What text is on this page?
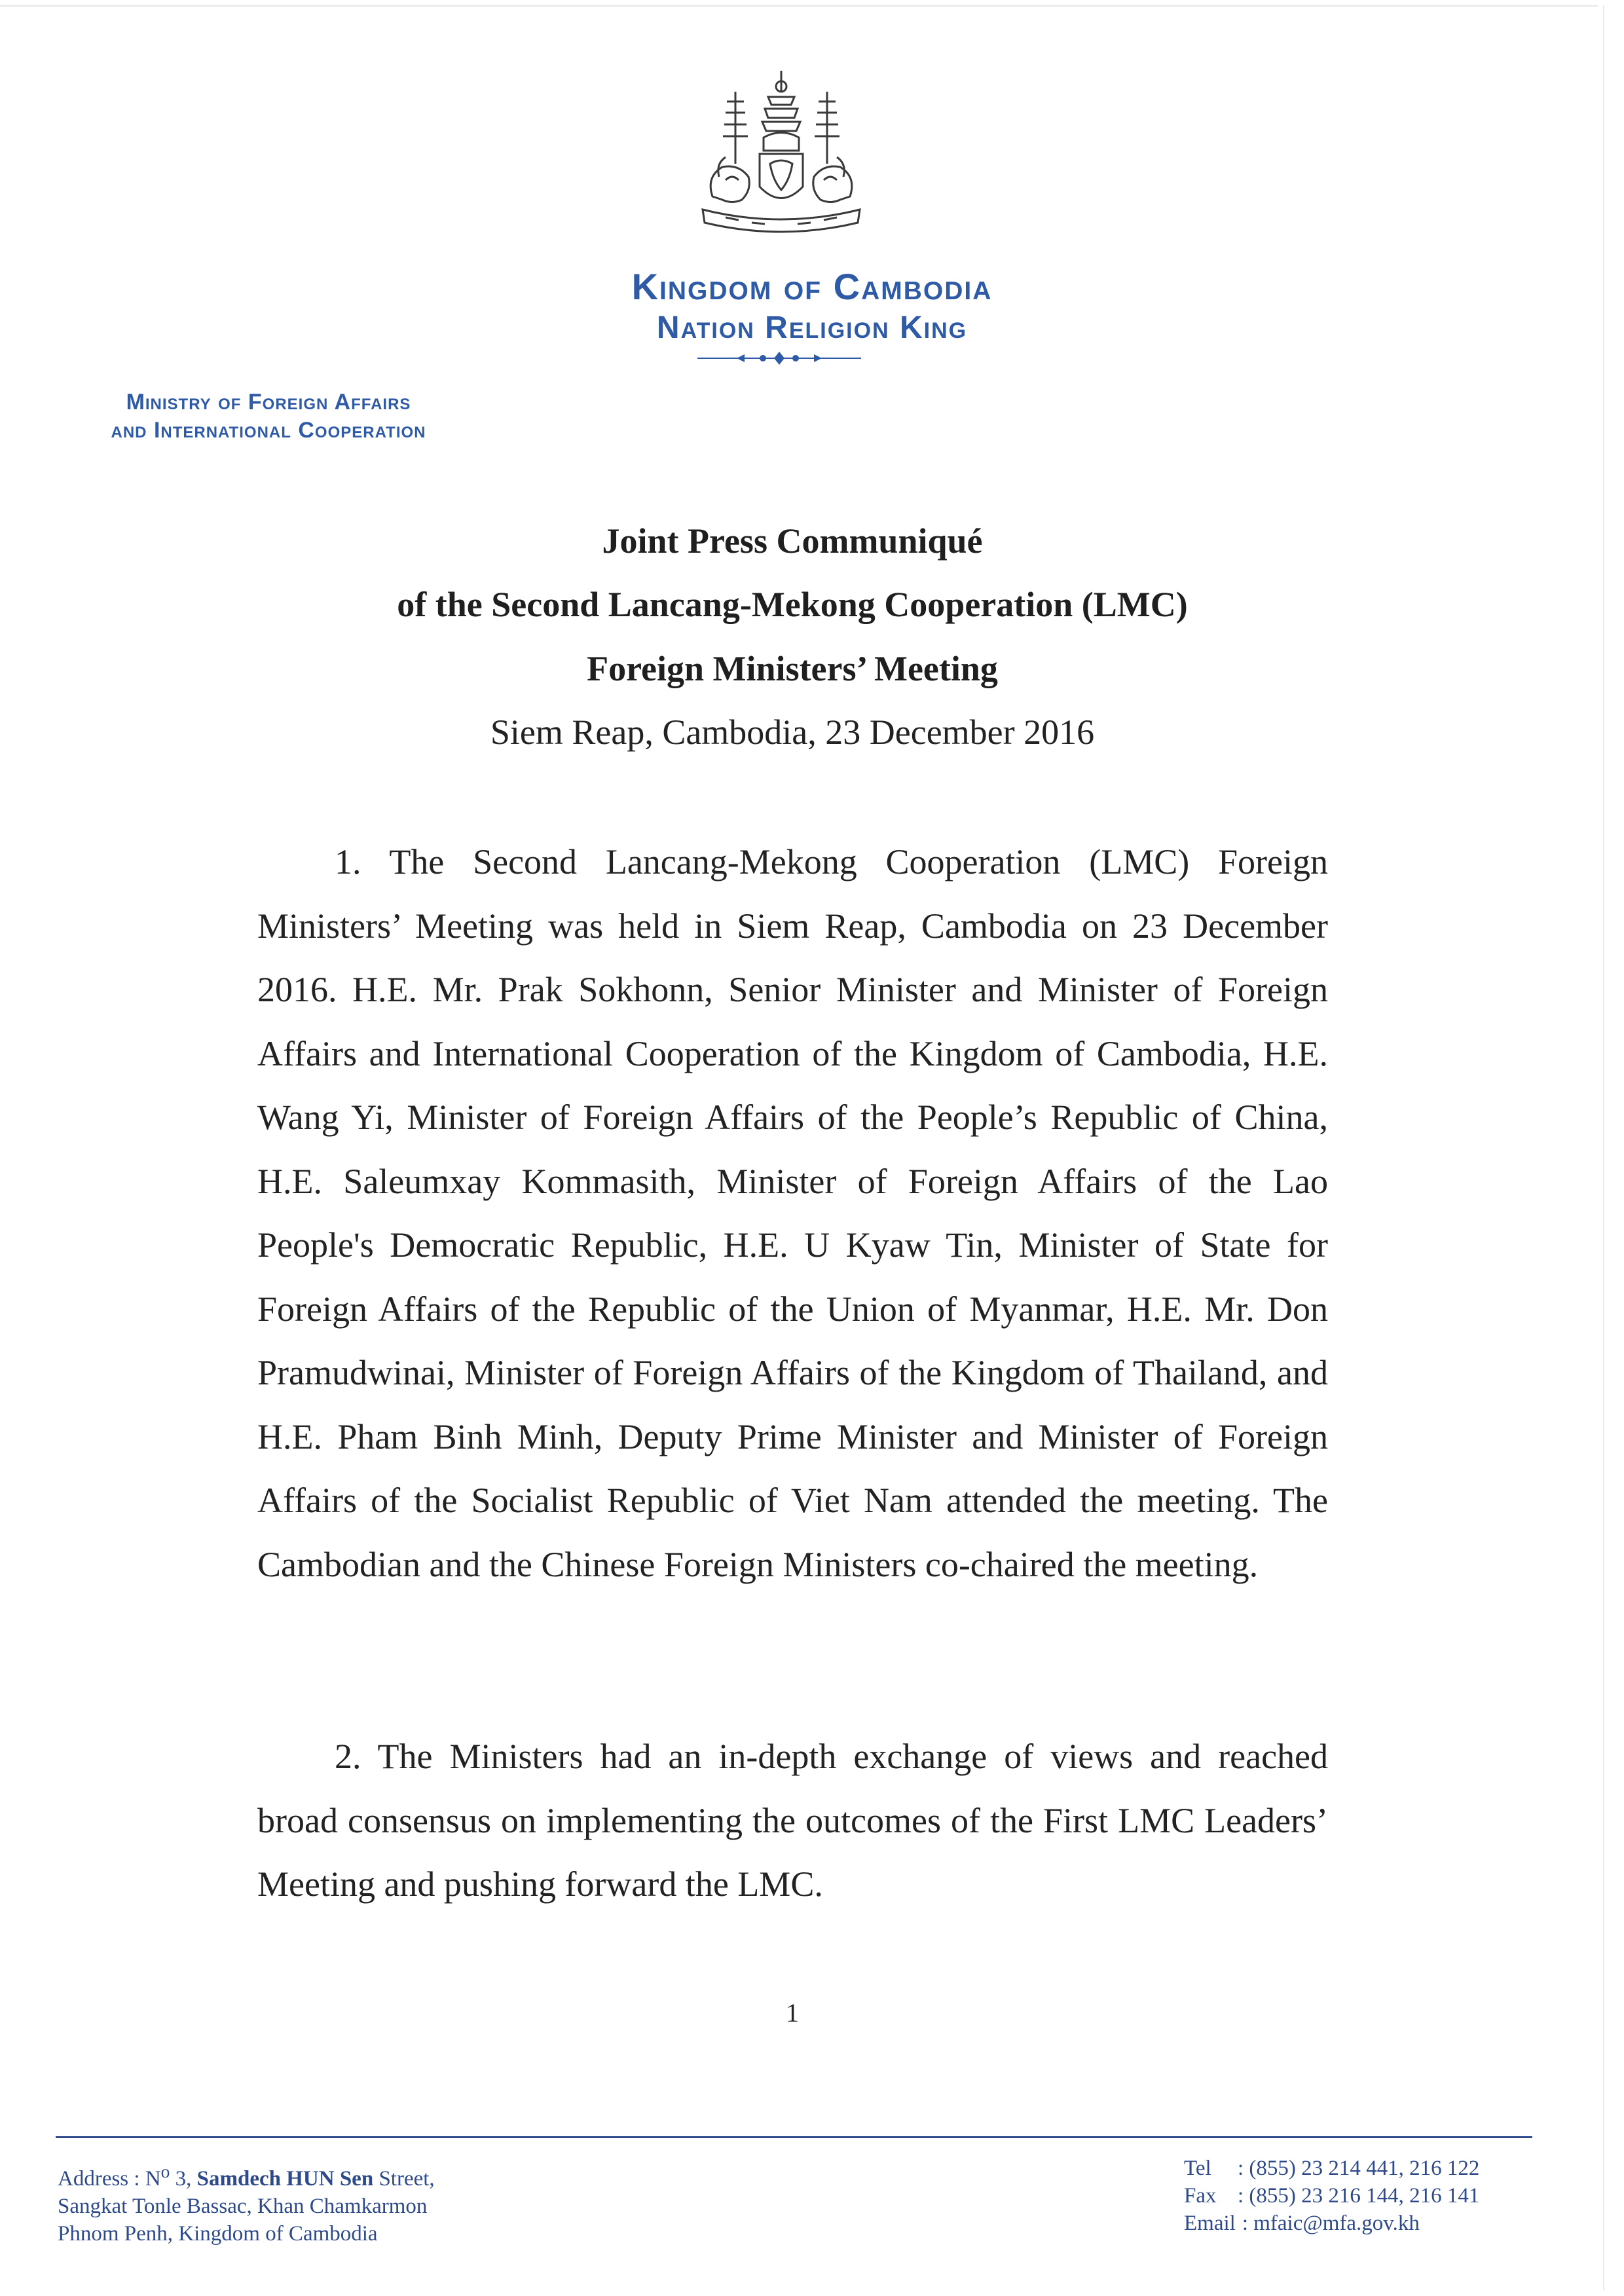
Kingdom of Cambodia
Nation Religion King
Ministry of Foreign Affairs
and International Cooperation
Joint Press Communiqué
of the Second Lancang-Mekong Cooperation (LMC)
Foreign Ministers’ Meeting
Siem Reap, Cambodia, 23 December 2016

1. The Second Lancang-Mekong Cooperation (LMC) Foreign Ministers’ Meeting was held in Siem Reap, Cambodia on 23 December 2016. H.E. Mr. Prak Sokhonn, Senior Minister and Minister of Foreign Affairs and International Cooperation of the Kingdom of Cambodia, H.E. Wang Yi, Minister of Foreign Affairs of the People’s Republic of China, H.E. Saleumxay Kommasith, Minister of Foreign Affairs of the Lao People's Democratic Republic, H.E. U Kyaw Tin, Minister of State for Foreign Affairs of the Republic of the Union of Myanmar, H.E. Mr. Don Pramudwinai, Minister of Foreign Affairs of the Kingdom of Thailand, and H.E. Pham Binh Minh, Deputy Prime Minister and Minister of Foreign Affairs of the Socialist Republic of Viet Nam attended the meeting. The Cambodian and the Chinese Foreign Ministers co-chaired the meeting.

2. The Ministers had an in-depth exchange of views and reached broad consensus on implementing the outcomes of the First LMC Leaders’ Meeting and pushing forward the LMC.

1
Address : $N^o$ 3, Samdech HUN Sen Street,
Sangkat Tonle Bassac, Khan Chamkarmon
Phnom Penh, Kingdom of Cambodia
Tel : (855) 23 214 441, 216 122
Fax : (855) 23 216 144, 216 141
Email : mfaic@mfa.gov.kh
